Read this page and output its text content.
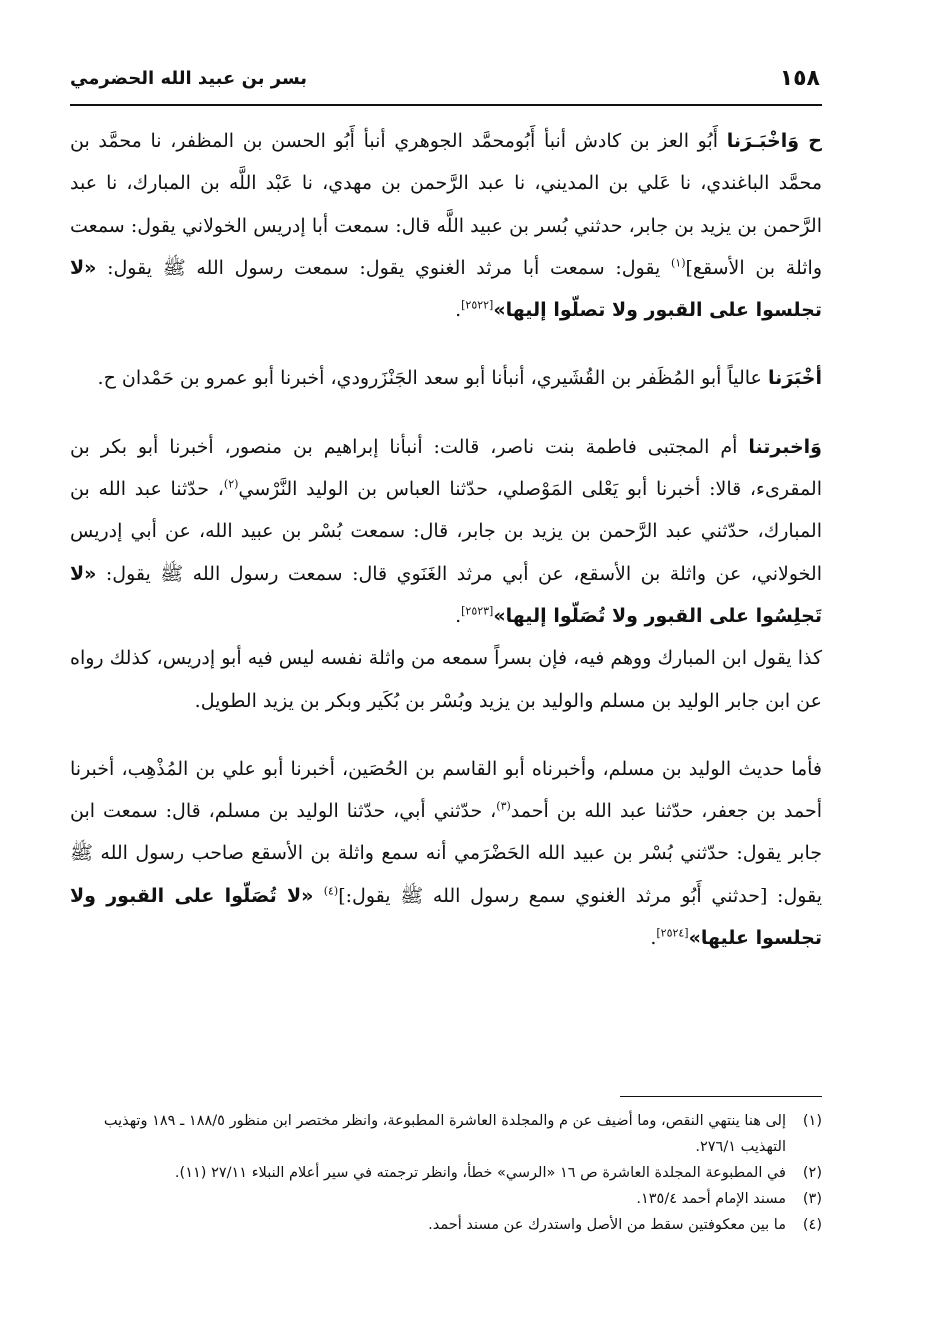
١٥٨
بسر بن عبيد الله الحضرمي

ح وَاخْبَـرَنا أَبُو العز بن كادش أنبأ أَبُومحمَّد الجوهري أنبأ أَبُو الحسن بن المظفر، نا محمَّد بن محمَّد الباغندي، نا عَلي بن المديني، نا عبد الرَّحمن بن مهدي، نا عَبْد اللَّه بن المبارك، نا عبد الرَّحمن بن يزيد بن جابر، حدثني بُسر بن عبيد اللَّه قال: سمعت أبا إدريس الخولاني يقول: سمعت واثلة بن الأسقع]$^{(١)}$ يقول: سمعت أبا مرثد الغنوي يقول: سمعت رسول الله ﷺ يقول: «لا تجلسوا على القبور ولا تصلّوا إليها»[٢٥٢٢].

أخْبَرَنا عالياً أبو المُظَفر بن القُشَيري، أنبأنا أبو سعد الجَنْزَرودي، أخبرنا أبو عمرو بن حَمْدان ح.

وَاخبرتنا أم المجتبى فاطمة بنت ناصر، قالت: أنبأنا إبراهيم بن منصور، أخبرنا أبو بكر بن المقرىء، قالا: أخبرنا أبو يَعْلى المَوْصلي، حدّثنا العباس بن الوليد النَّرْسي$^{(٢)}$، حدّثنا عبد الله بن المبارك، حدّثني عبد الرَّحمن بن يزيد بن جابر، قال: سمعت بُسْر بن عبيد الله، عن أبي إدريس الخولاني، عن واثلة بن الأسقع، عن أبي مرثد الغَنَوي قال: سمعت رسول الله ﷺ يقول: «لا تَجلِسُوا على القبور ولا تُصَلّوا إليها»[٢٥٢٣].

كذا يقول ابن المبارك ووهم فيه، فإن بسراً سمعه من واثلة نفسه ليس فيه أبو إدريس، كذلك رواه عن ابن جابر الوليد بن مسلم والوليد بن يزيد وبُسْر بن بُكَير وبكر بن يزيد الطويل.

فأما حديث الوليد بن مسلم، وأخبرناه أبو القاسم بن الحُصَين، أخبرنا أبو علي بن المُذْهِب، أخبرنا أحمد بن جعفر، حدّثنا عبد الله بن أحمد$^{(٣)}$، حدّثني أبي، حدّثنا الوليد بن مسلم، قال: سمعت ابن جابر يقول: حدّثني بُسْر بن عبيد الله الحَضْرَمي أنه سمع واثلة بن الأسقع صاحب رسول الله ﷺ يقول: [حدثني أَبُو مرثد الغنوي سمع رسول الله ﷺ يقول:]$^{(٤)}$ «لا تُصَلّوا على القبور ولا تجلسوا عليها»[٢٥٢٤].

(١)
إلى هنا ينتهي النقص، وما أضيف عن م والمجلدة العاشرة المطبوعة، وانظر مختصر ابن منظور ١٨٨/٥ ـ ١٨٩ وتهذيب التهذيب ٢٧٦/١.
(٢)
في المطبوعة المجلدة العاشرة ص ١٦ «الرسي» خطأ، وانظر ترجمته في سير أعلام النبلاء ٢٧/١١ (١١).
(٣)
مسند الإمام أحمد ١٣٥/٤.
(٤)
ما بين معكوفتين سقط من الأصل واستدرك عن مسند أحمد.
